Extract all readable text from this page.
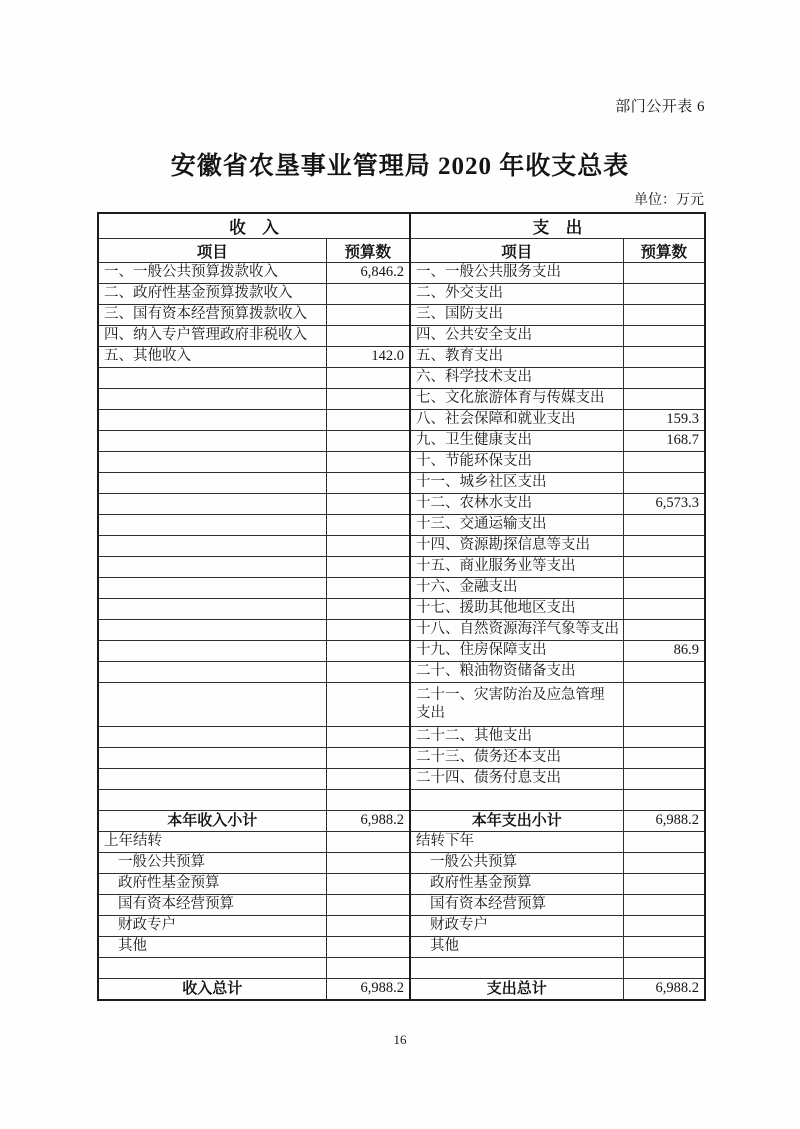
部门公开表 6
安徽省农垦事业管理局 2020 年收支总表
单位：万元
收　入		支　出	
项目	预算数	项目	预算数
一、一般公共预算拨款收入	6,846.2	一、一般公共服务支出	
二、政府性基金预算拨款收入		二、外交支出	
三、国有资本经营预算拨款收入		三、国防支出	
四、纳入专户管理政府非税收入		四、公共安全支出	
五、其他收入	142.0	五、教育支出	
		六、科学技术支出	
		七、文化旅游体育与传媒支出	
		八、社会保障和就业支出	159.3
		九、卫生健康支出	168.7
		十、节能环保支出	
		十一、城乡社区支出	
		十二、农林水支出	6,573.3
		十三、交通运输支出	
		十四、资源勘探信息等支出	
		十五、商业服务业等支出	
		十六、金融支出	
		十七、援助其他地区支出	
		十八、自然资源海洋气象等支出	
		十九、住房保障支出	86.9
		二十、粮油物资储备支出	
		二十一、灾害防治及应急管理支出	
		二十二、其他支出	
		二十三、债务还本支出	
		二十四、债务付息支出	

本年收入小计	6,988.2	本年支出小计	6,988.2
上年结转		结转下年	
一般公共预算		一般公共预算	
政府性基金预算		政府性基金预算	
国有资本经营预算		国有资本经营预算	
财政专户		财政专户	
其他		其他	

收入总计	6,988.2	支出总计	6,988.2
16
